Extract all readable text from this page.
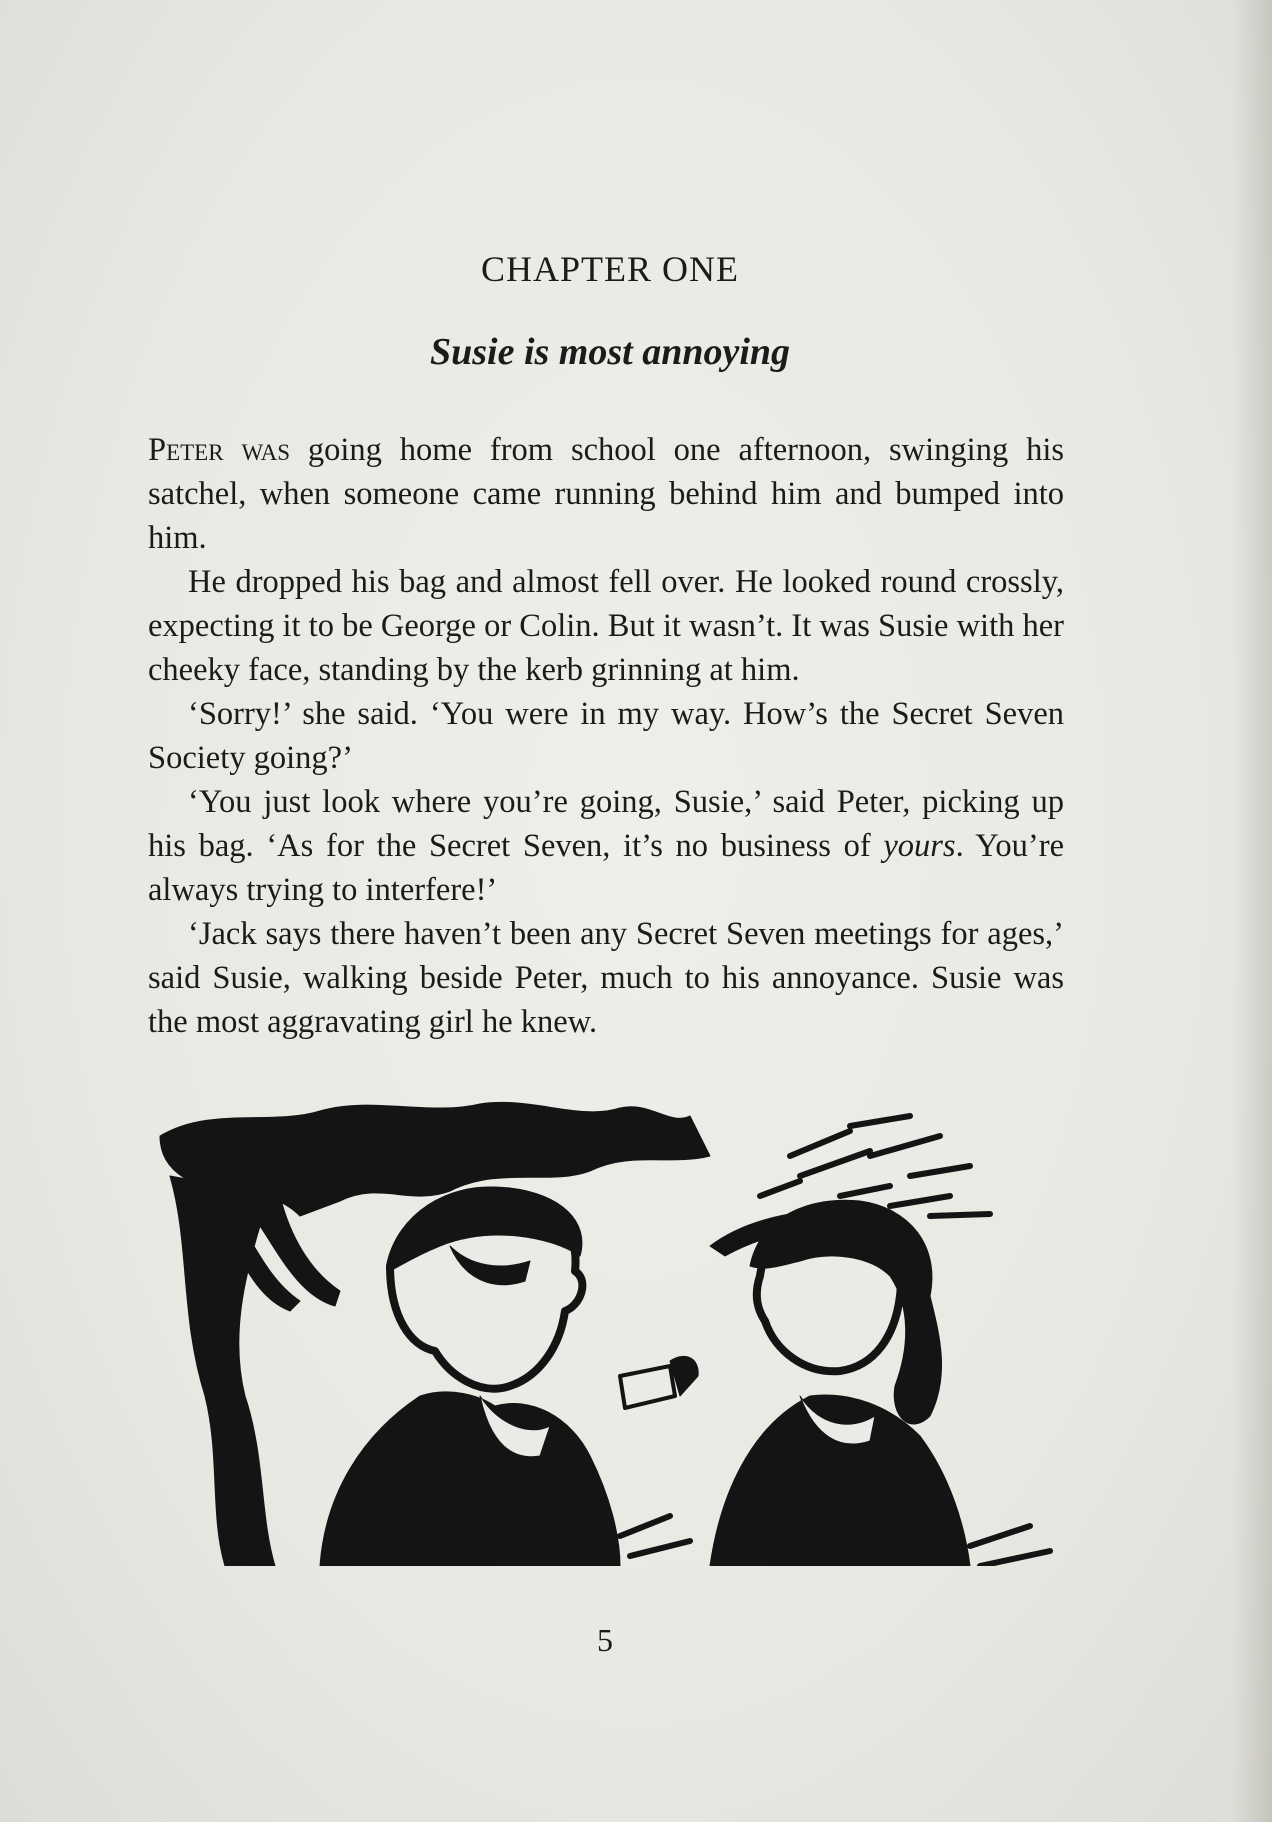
CHAPTER ONE
Susie is most annoying

Peter was going home from school one afternoon, swinging his satchel, when someone came running behind him and bumped into him.

He dropped his bag and almost fell over. He looked round crossly, expecting it to be George or Colin. But it wasn’t. It was Susie with her cheeky face, standing by the kerb grinning at him.

‘Sorry!’ she said. ‘You were in my way. How’s the Secret Seven Society going?’

‘You just look where you’re going, Susie,’ said Peter, picking up his bag. ‘As for the Secret Seven, it’s no business of yours. You’re always trying to interfere!’

‘Jack says there haven’t been any Secret Seven meetings for ages,’ said Susie, walking beside Peter, much to his annoyance. Susie was the most aggravating girl he knew.

5
